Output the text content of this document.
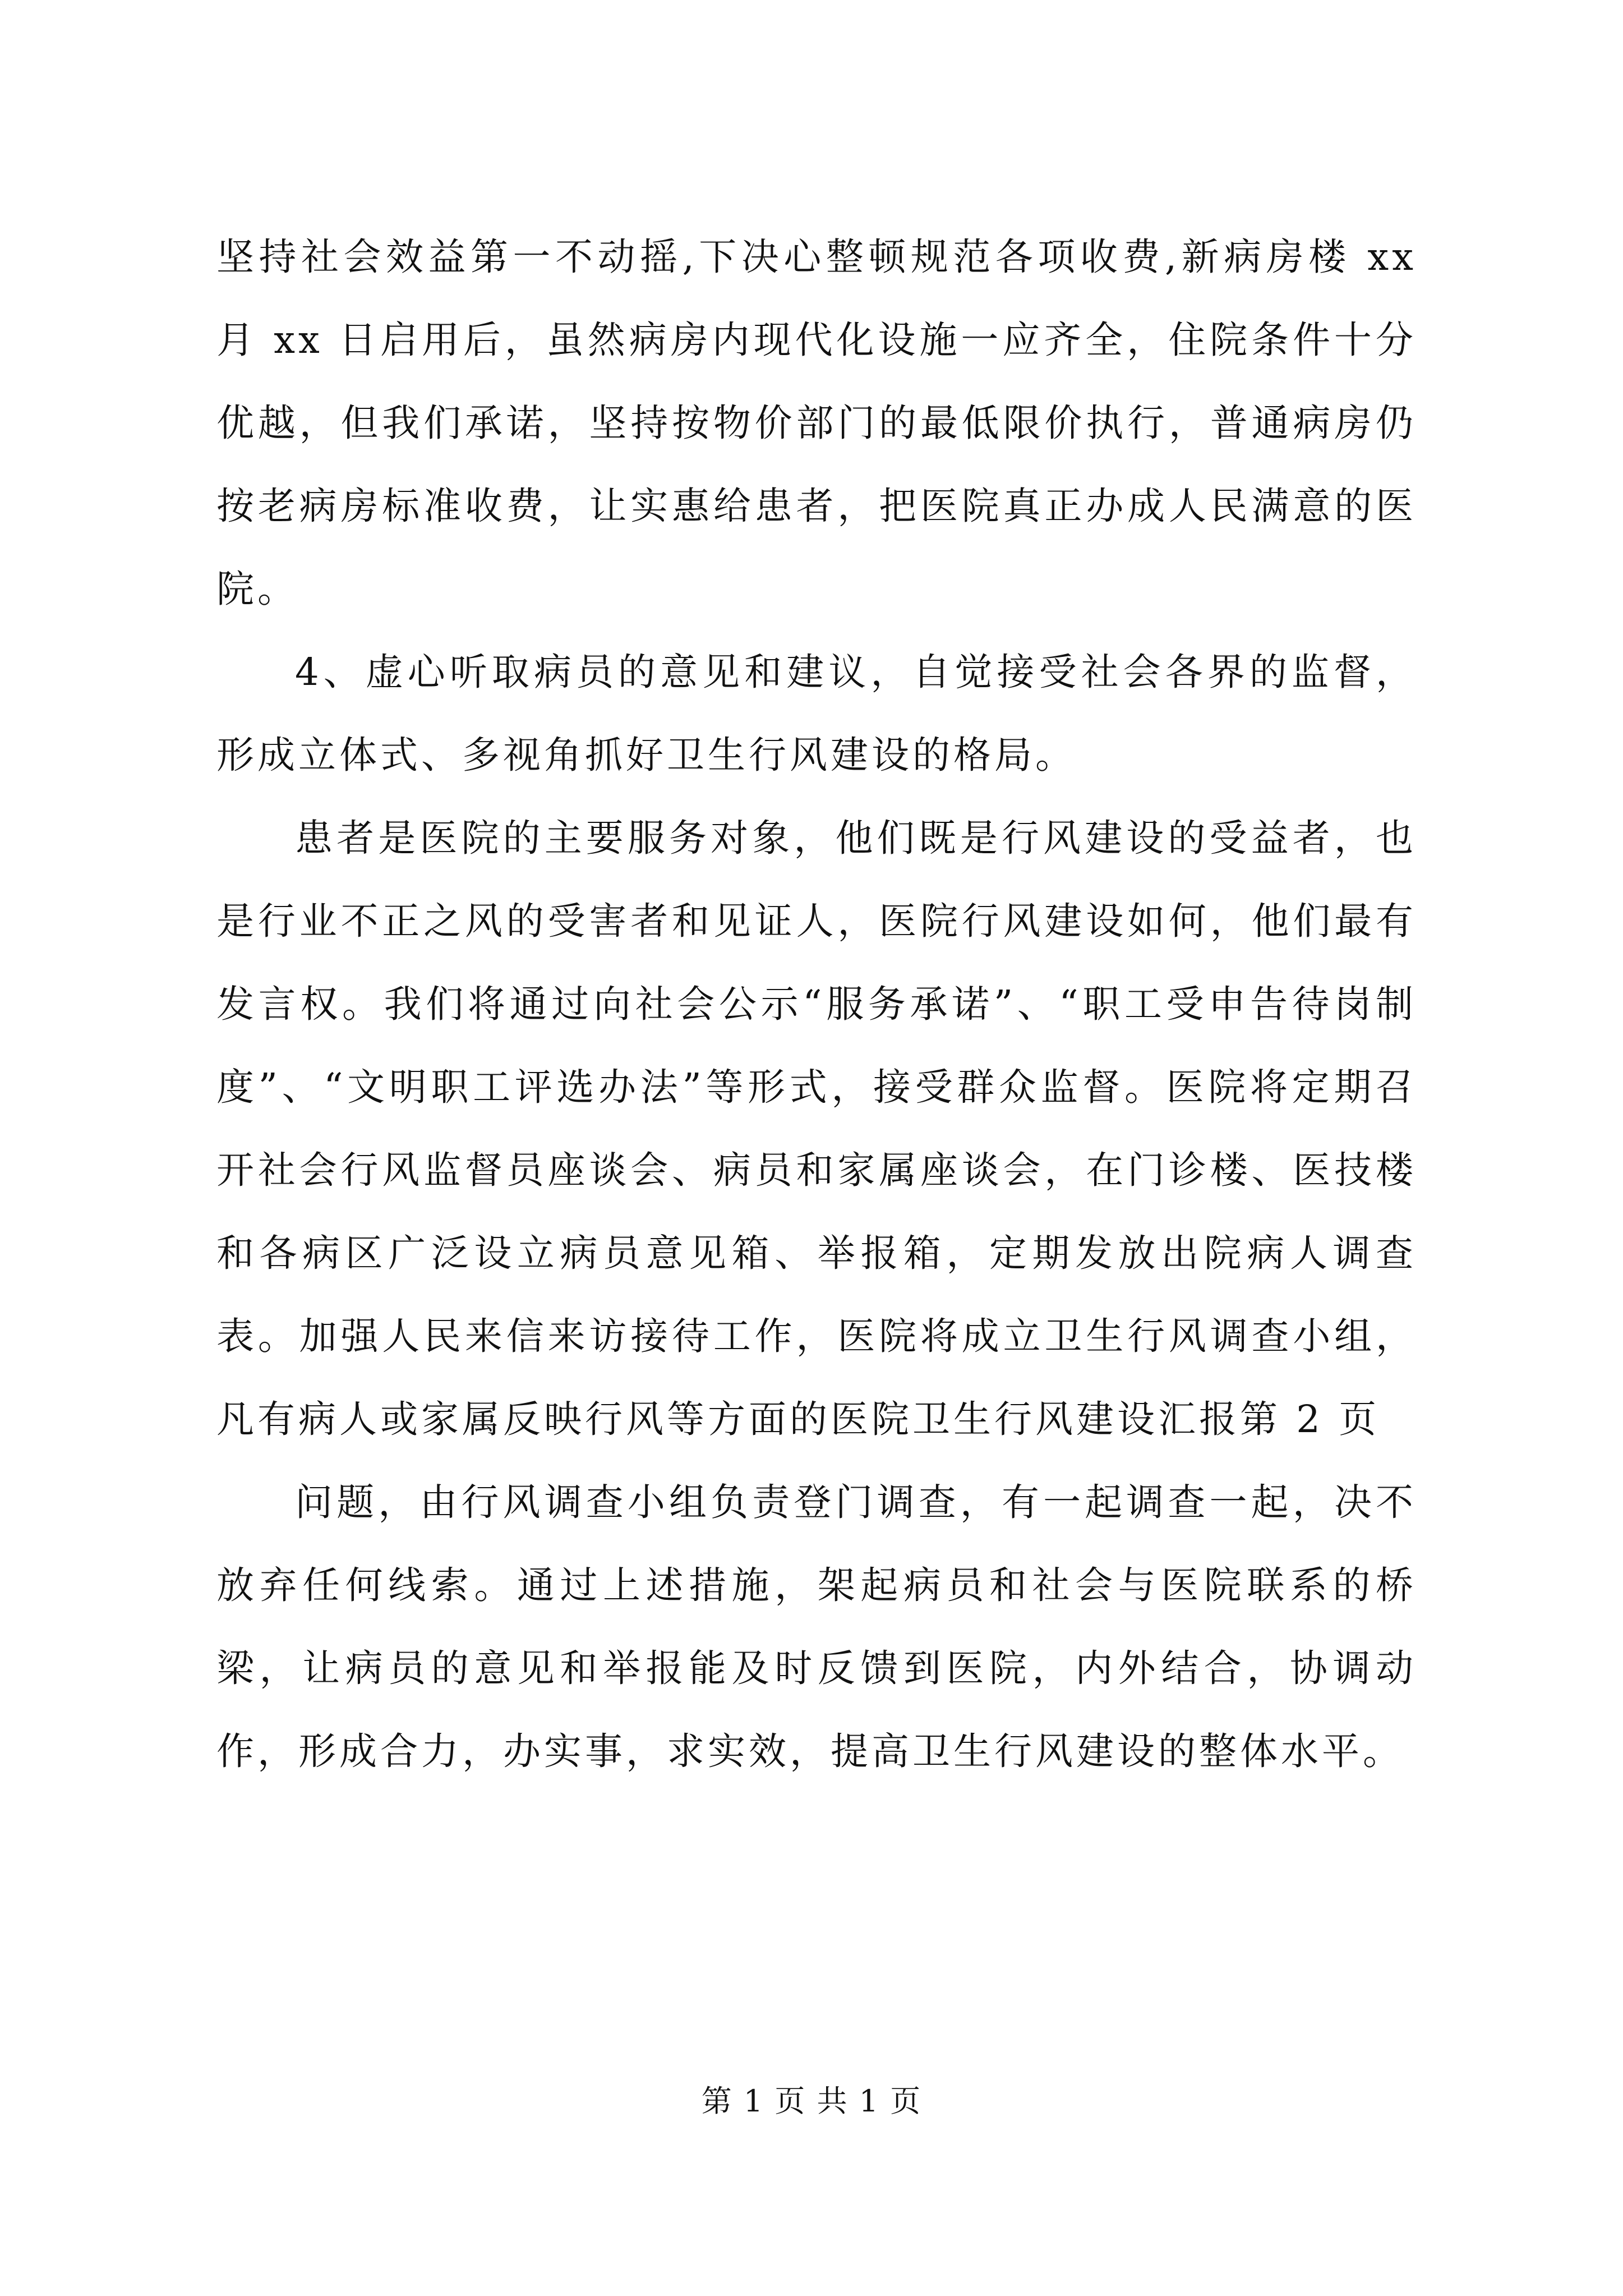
坚持社会效益第一不动摇,下决心整顿规范各项收费,新病房楼 xx 月 xx 日启用后，虽然病房内现代化设施一应齐全，住院条件十分优越，但我们承诺，坚持按物价部门的最低限价执行，普通病房仍按老病房标准收费，让实惠给患者，把医院真正办成人民满意的医院。

4、虚心听取病员的意见和建议，自觉接受社会各界的监督，形成立体式、多视角抓好卫生行风建设的格局。

患者是医院的主要服务对象，他们既是行风建设的受益者，也是行业不正之风的受害者和见证人，医院行风建设如何，他们最有发言权。我们将通过向社会公示“服务承诺”、“职工受申告待岗制度”、“文明职工评选办法”等形式，接受群众监督。医院将定期召开社会行风监督员座谈会、病员和家属座谈会，在门诊楼、医技楼和各病区广泛设立病员意见箱、举报箱，定期发放出院病人调查表。加强人民来信来访接待工作，医院将成立卫生行风调查小组，凡有病人或家属反映行风等方面的医院卫生行风建设汇报第 2 页

问题，由行风调查小组负责登门调查，有一起调查一起，决不放弃任何线索。通过上述措施，架起病员和社会与医院联系的桥梁，让病员的意见和举报能及时反馈到医院，内外结合，协调动作，形成合力，办实事，求实效，提高卫生行风建设的整体水平。

第 1 页 共 1 页
